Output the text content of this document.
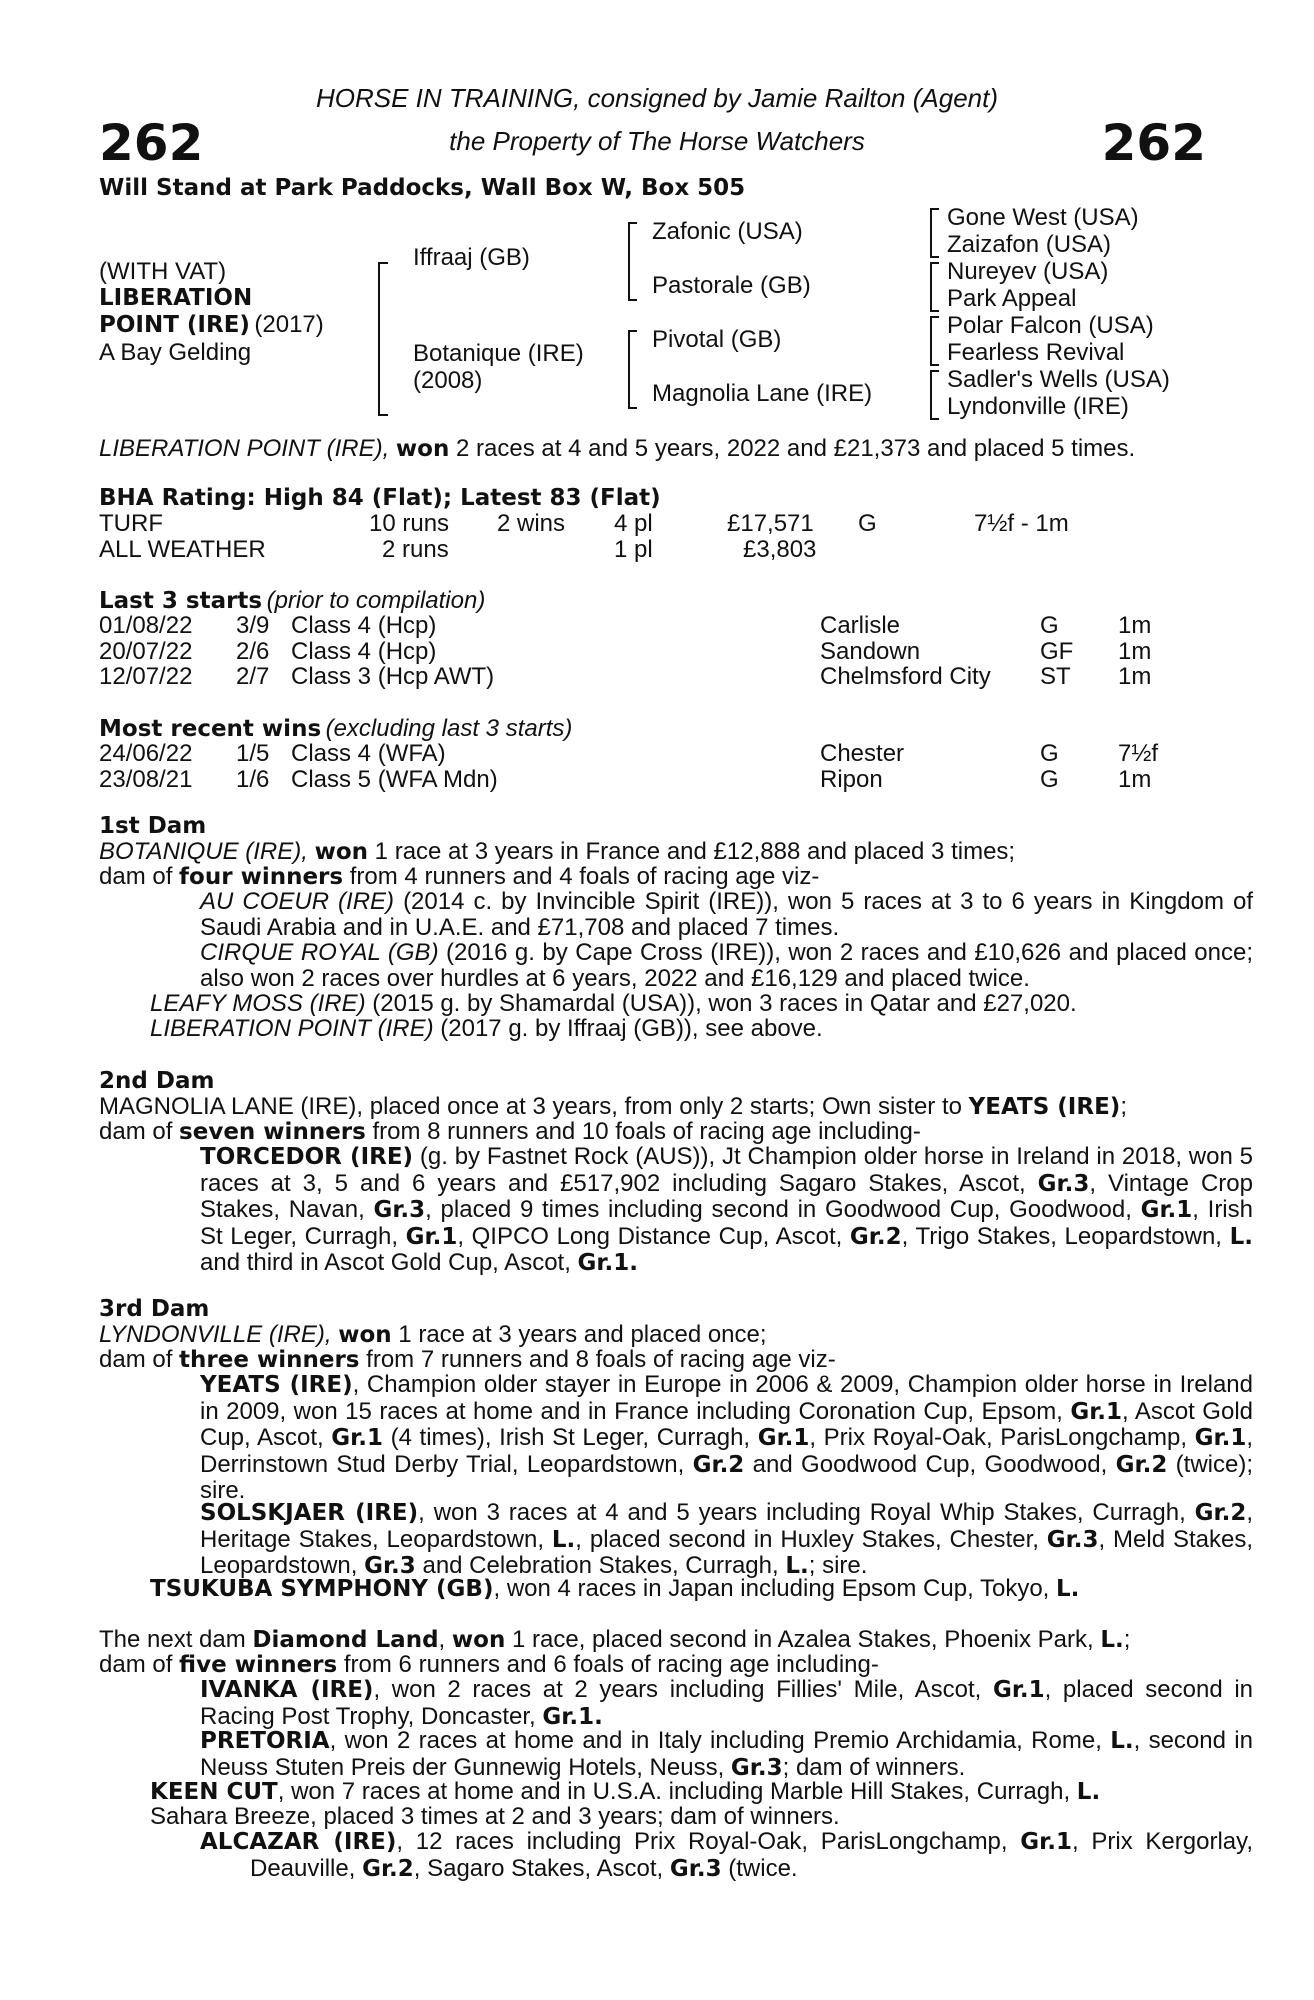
262	262
HORSE IN TRAINING, consigned by Jamie Railton (Agent)
the Property of The Horse Watchers
Will Stand at Park Paddocks, Wall Box W, Box 505
(WITH VAT)
LIBERATION
POINT (IRE) (2017)
A Bay Gelding
Iffraaj (GB)
Botanique (IRE)
(2008)
Zafonic (USA)
Pastorale (GB)
Pivotal (GB)
Magnolia Lane (IRE)
Gone West (USA)
Zaizafon (USA)
Nureyev (USA)
Park Appeal
Polar Falcon (USA)
Fearless Revival
Sadler's Wells (USA)
Lyndonville (IRE)
LIBERATION POINT (IRE), won 2 races at 4 and 5 years, 2022 and £21,373 and placed 5 times.
BHA Rating: High 84 (Flat); Latest 83 (Flat)
TURF	10 runs 2 wins 4 pl	£17,571 G	7½f - 1m
ALL WEATHER	2 runs	1 pl	£3,803
Last 3 starts (prior to compilation)
01/08/22 3/9 Class 4 (Hcp)	Carlisle	G 1m
20/07/22 2/6 Class 4 (Hcp)	Sandown	GF 1m
12/07/22 2/7 Class 3 (Hcp AWT)	Chelmsford City ST 1m
Most recent wins (excluding last 3 starts)
24/06/22 1/5 Class 4 (WFA)	Chester	G 7½f
23/08/21 1/6 Class 5 (WFA Mdn)	Ripon	G 1m
1st Dam
BOTANIQUE (IRE), won 1 race at 3 years in France and £12,888 and placed 3 times;
dam of four winners from 4 runners and 4 foals of racing age viz-
AU COEUR (IRE) (2014 c. by Invincible Spirit (IRE)), won 5 races at 3 to 6 years in Kingdom of Saudi Arabia and in U.A.E. and £71,708 and placed 7 times.
CIRQUE ROYAL (GB) (2016 g. by Cape Cross (IRE)), won 2 races and £10,626 and placed once; also won 2 races over hurdles at 6 years, 2022 and £16,129 and placed twice.
LEAFY MOSS (IRE) (2015 g. by Shamardal (USA)), won 3 races in Qatar and £27,020.
LIBERATION POINT (IRE) (2017 g. by Iffraaj (GB)), see above.
2nd Dam
MAGNOLIA LANE (IRE), placed once at 3 years, from only 2 starts; Own sister to YEATS (IRE);
dam of seven winners from 8 runners and 10 foals of racing age including-
TORCEDOR (IRE) (g. by Fastnet Rock (AUS)), Jt Champion older horse in Ireland in 2018, won 5 races at 3, 5 and 6 years and £517,902 including Sagaro Stakes, Ascot, Gr.3, Vintage Crop Stakes, Navan, Gr.3, placed 9 times including second in Goodwood Cup, Goodwood, Gr.1, Irish St Leger, Curragh, Gr.1, QIPCO Long Distance Cup, Ascot, Gr.2, Trigo Stakes, Leopardstown, L. and third in Ascot Gold Cup, Ascot, Gr.1.
3rd Dam
LYNDONVILLE (IRE), won 1 race at 3 years and placed once;
dam of three winners from 7 runners and 8 foals of racing age viz-
YEATS (IRE), Champion older stayer in Europe in 2006 & 2009, Champion older horse in Ireland in 2009, won 15 races at home and in France including Coronation Cup, Epsom, Gr.1, Ascot Gold Cup, Ascot, Gr.1 (4 times), Irish St Leger, Curragh, Gr.1, Prix Royal-Oak, ParisLongchamp, Gr.1, Derrinstown Stud Derby Trial, Leopardstown, Gr.2 and Goodwood Cup, Goodwood, Gr.2 (twice); sire.
SOLSKJAER (IRE), won 3 races at 4 and 5 years including Royal Whip Stakes, Curragh, Gr.2, Heritage Stakes, Leopardstown, L., placed second in Huxley Stakes, Chester, Gr.3, Meld Stakes, Leopardstown, Gr.3 and Celebration Stakes, Curragh, L.; sire.
TSUKUBA SYMPHONY (GB), won 4 races in Japan including Epsom Cup, Tokyo, L.
The next dam Diamond Land, won 1 race, placed second in Azalea Stakes, Phoenix Park, L.;
dam of five winners from 6 runners and 6 foals of racing age including-
IVANKA (IRE), won 2 races at 2 years including Fillies' Mile, Ascot, Gr.1, placed second in Racing Post Trophy, Doncaster, Gr.1.
PRETORIA, won 2 races at home and in Italy including Premio Archidamia, Rome, L., second in Neuss Stuten Preis der Gunnewig Hotels, Neuss, Gr.3; dam of winners.
KEEN CUT, won 7 races at home and in U.S.A. including Marble Hill Stakes, Curragh, L.
Sahara Breeze, placed 3 times at 2 and 3 years; dam of winners.
ALCAZAR (IRE), 12 races including Prix Royal-Oak, ParisLongchamp, Gr.1, Prix Kergorlay, Deauville, Gr.2, Sagaro Stakes, Ascot, Gr.3 (twice.
